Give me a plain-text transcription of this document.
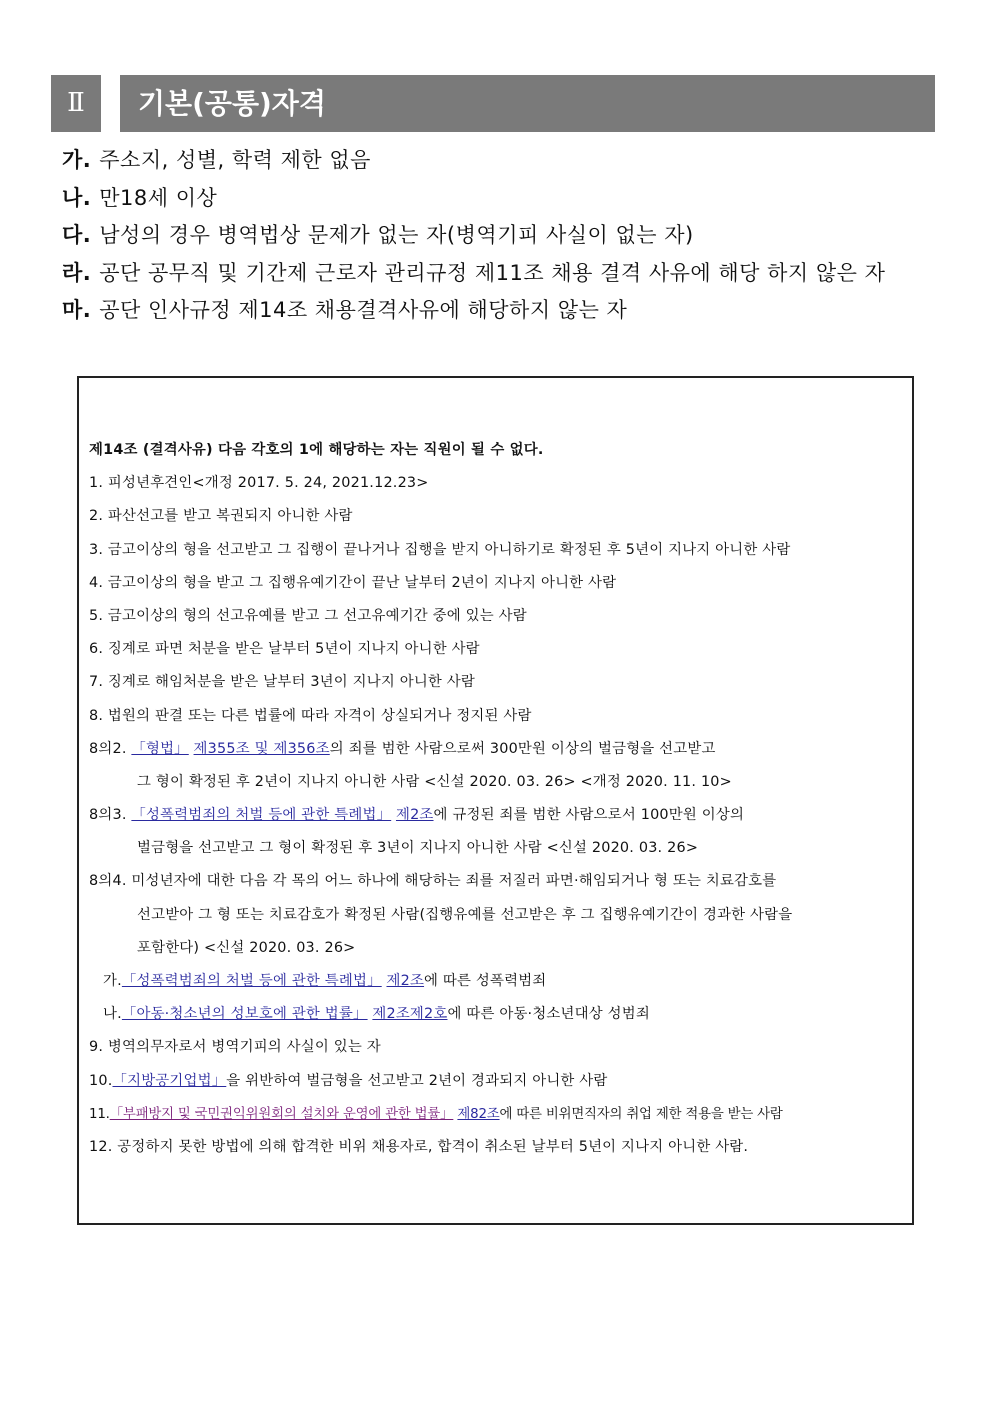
Ⅱ	기본(공통)자격
가. 주소지, 성별, 학력 제한 없음
나. 만18세 이상
다. 남성의 경우 병역법상 문제가 없는 자(병역기피 사실이 없는 자)
라. 공단 공무직 및 기간제 근로자 관리규정 제11조 채용 결격 사유에 해당 하지 않은 자
마. 공단 인사규정 제14조 채용결격사유에 해당하지 않는 자
제14조 (결격사유) 다음 각호의 1에 해당하는 자는 직원이 될 수 없다.
1. 피성년후견인<개정 2017. 5. 24, 2021.12.23>
2. 파산선고를 받고 복권되지 아니한 사람
3. 금고이상의 형을 선고받고 그 집행이 끝나거나 집행을 받지 아니하기로 확정된 후 5년이 지나지 아니한 사람
4. 금고이상의 형을 받고 그 집행유예기간이 끝난 날부터 2년이 지나지 아니한 사람
5. 금고이상의 형의 선고유예를 받고 그 선고유예기간 중에 있는 사람
6. 징계로 파면 처분을 받은 날부터 5년이 지나지 아니한 사람
7. 징계로 해임처분을 받은 날부터 3년이 지나지 아니한 사람
8. 법원의 판결 또는 다른 법률에 따라 자격이 상실되거나 정지된 사람
8의2. 「형법」 제355조 및 제356조의 죄를 범한 사람으로써 300만원 이상의 벌금형을 선고받고
그 형이 확정된 후 2년이 지나지 아니한 사람 <신설 2020. 03. 26> <개정 2020. 11. 10>
8의3. 「성폭력범죄의 처벌 등에 관한 특례법」 제2조에 규정된 죄를 범한 사람으로서 100만원 이상의
벌금형을 선고받고 그 형이 확정된 후 3년이 지나지 아니한 사람 <신설 2020. 03. 26>
8의4. 미성년자에 대한 다음 각 목의 어느 하나에 해당하는 죄를 저질러 파면·해임되거나 형 또는 치료감호를
선고받아 그 형 또는 치료감호가 확정된 사람(집행유예를 선고받은 후 그 집행유예기간이 경과한 사람을
포함한다) <신설 2020. 03. 26>
가.「성폭력범죄의 처벌 등에 관한 특례법」 제2조에 따른 성폭력범죄
나.「아동·청소년의 성보호에 관한 법률」 제2조제2호에 따른 아동·청소년대상 성범죄
9. 병역의무자로서 병역기피의 사실이 있는 자
10.「지방공기업법」을 위반하여 벌금형을 선고받고 2년이 경과되지 아니한 사람
11.「부패방지 및 국민권익위원회의 설치와 운영에 관한 법률」 제82조에 따른 비위면직자의 취업 제한 적용을 받는 사람
12. 공정하지 못한 방법에 의해 합격한 비위 채용자로, 합격이 취소된 날부터 5년이 지나지 아니한 사람.
